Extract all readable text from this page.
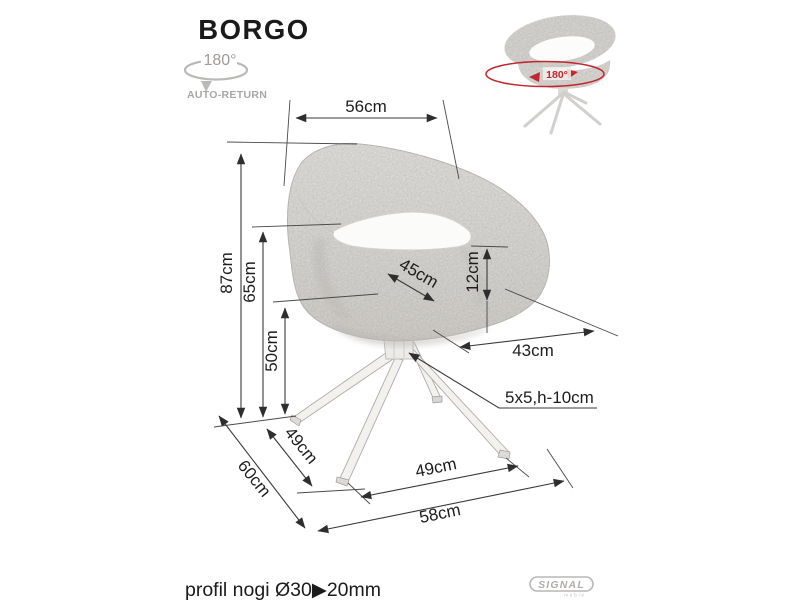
BORGO
180°
AUTO-RETURN
180°
56cm
87cm 65cm
50cm
45cm 12cm
43cm
5x5,h-10cm
49cm
60cm	49cm
58cm
profil nogi Ø30▶20mm	SIGNAL
meble
